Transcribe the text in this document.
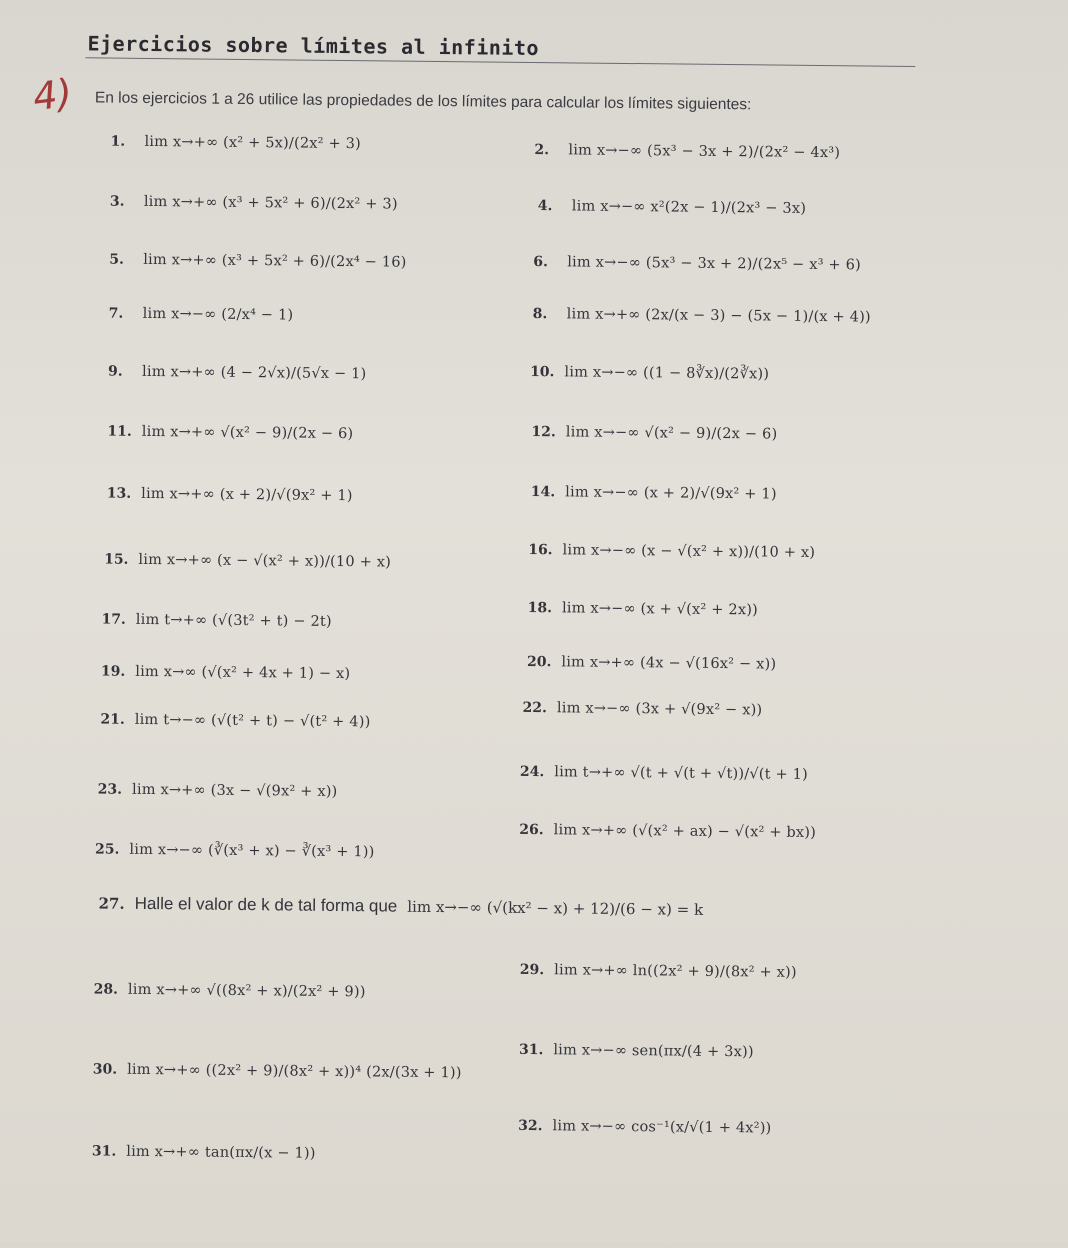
Ejercicios sobre límites al infinito
4) En los ejercicios 1 a 26 utilice las propiedades de los límites para calcular los límites siguientes:
1.	lim x→+∞ (x² + 5x)/(2x² + 3)	2.	lim x→−∞ (5x³ − 3x + 2)/(2x² − 4x³)
3.	lim x→+∞ (x³ + 5x² + 6)/(2x² + 3)	4.	lim x→−∞ x²(2x − 1)/(2x³ − 3x)
5.	lim x→+∞ (x³ + 5x² + 6)/(2x⁴ − 16)	6.	lim x→−∞ (5x³ − 3x + 2)/(2x⁵ − x³ + 6)
7.	lim x→−∞ (2/x⁴ − 1)	8.	lim x→+∞ (2x/(x − 3) − (5x − 1)/(x + 4))
9.	lim x→+∞ (4 − 2√x)/(5√x − 1)	10. lim x→−∞ ((1 − 8∛x)/(2∛x))
11. lim x→+∞ √(x² − 9)/(2x − 6)	12. lim x→−∞ √(x² − 9)/(2x − 6)
13. lim x→+∞ (x + 2)/√(9x² + 1)	14. lim x→−∞ (x + 2)/√(9x² + 1)
15. lim x→+∞ (x − √(x² + x))/(10 + x)
16. lim x→−∞ (x − √(x² + x))/(10 + x)
17. lim t→+∞ (√(3t² + t) − 2t)
18. lim x→−∞ (x + √(x² + 2x))
19. lim x→∞ (√(x² + 4x + 1) − x)
20. lim x→+∞ (4x − √(16x² − x))
21. lim t→−∞ (√(t² + t) − √(t² + 4))
22. lim x→−∞ (3x + √(9x² − x))
23. lim x→+∞ (3x − √(9x² + x))
24. lim t→+∞ √(t + √(t + √t))/√(t + 1)
25. lim x→−∞ (∛(x³ + x) − ∛(x³ + 1))
26. lim x→+∞ (√(x² + ax) − √(x² + bx))
27. Halle el valor de k de tal forma que lim x→−∞ (√(kx² − x) + 12)/(6 − x) = k
28. lim x→+∞ √((8x² + x)/(2x² + 9))
29. lim x→+∞ ln((2x² + 9)/(8x² + x))
30. lim x→+∞ ((2x² + 9)/(8x² + x))⁴ (2x/(3x + 1))
31. lim x→−∞ sen(πx/(4 + 3x))
31. lim x→+∞ tan(πx/(x − 1))
32. lim x→−∞ cos⁻¹(x/√(1 + 4x²))
